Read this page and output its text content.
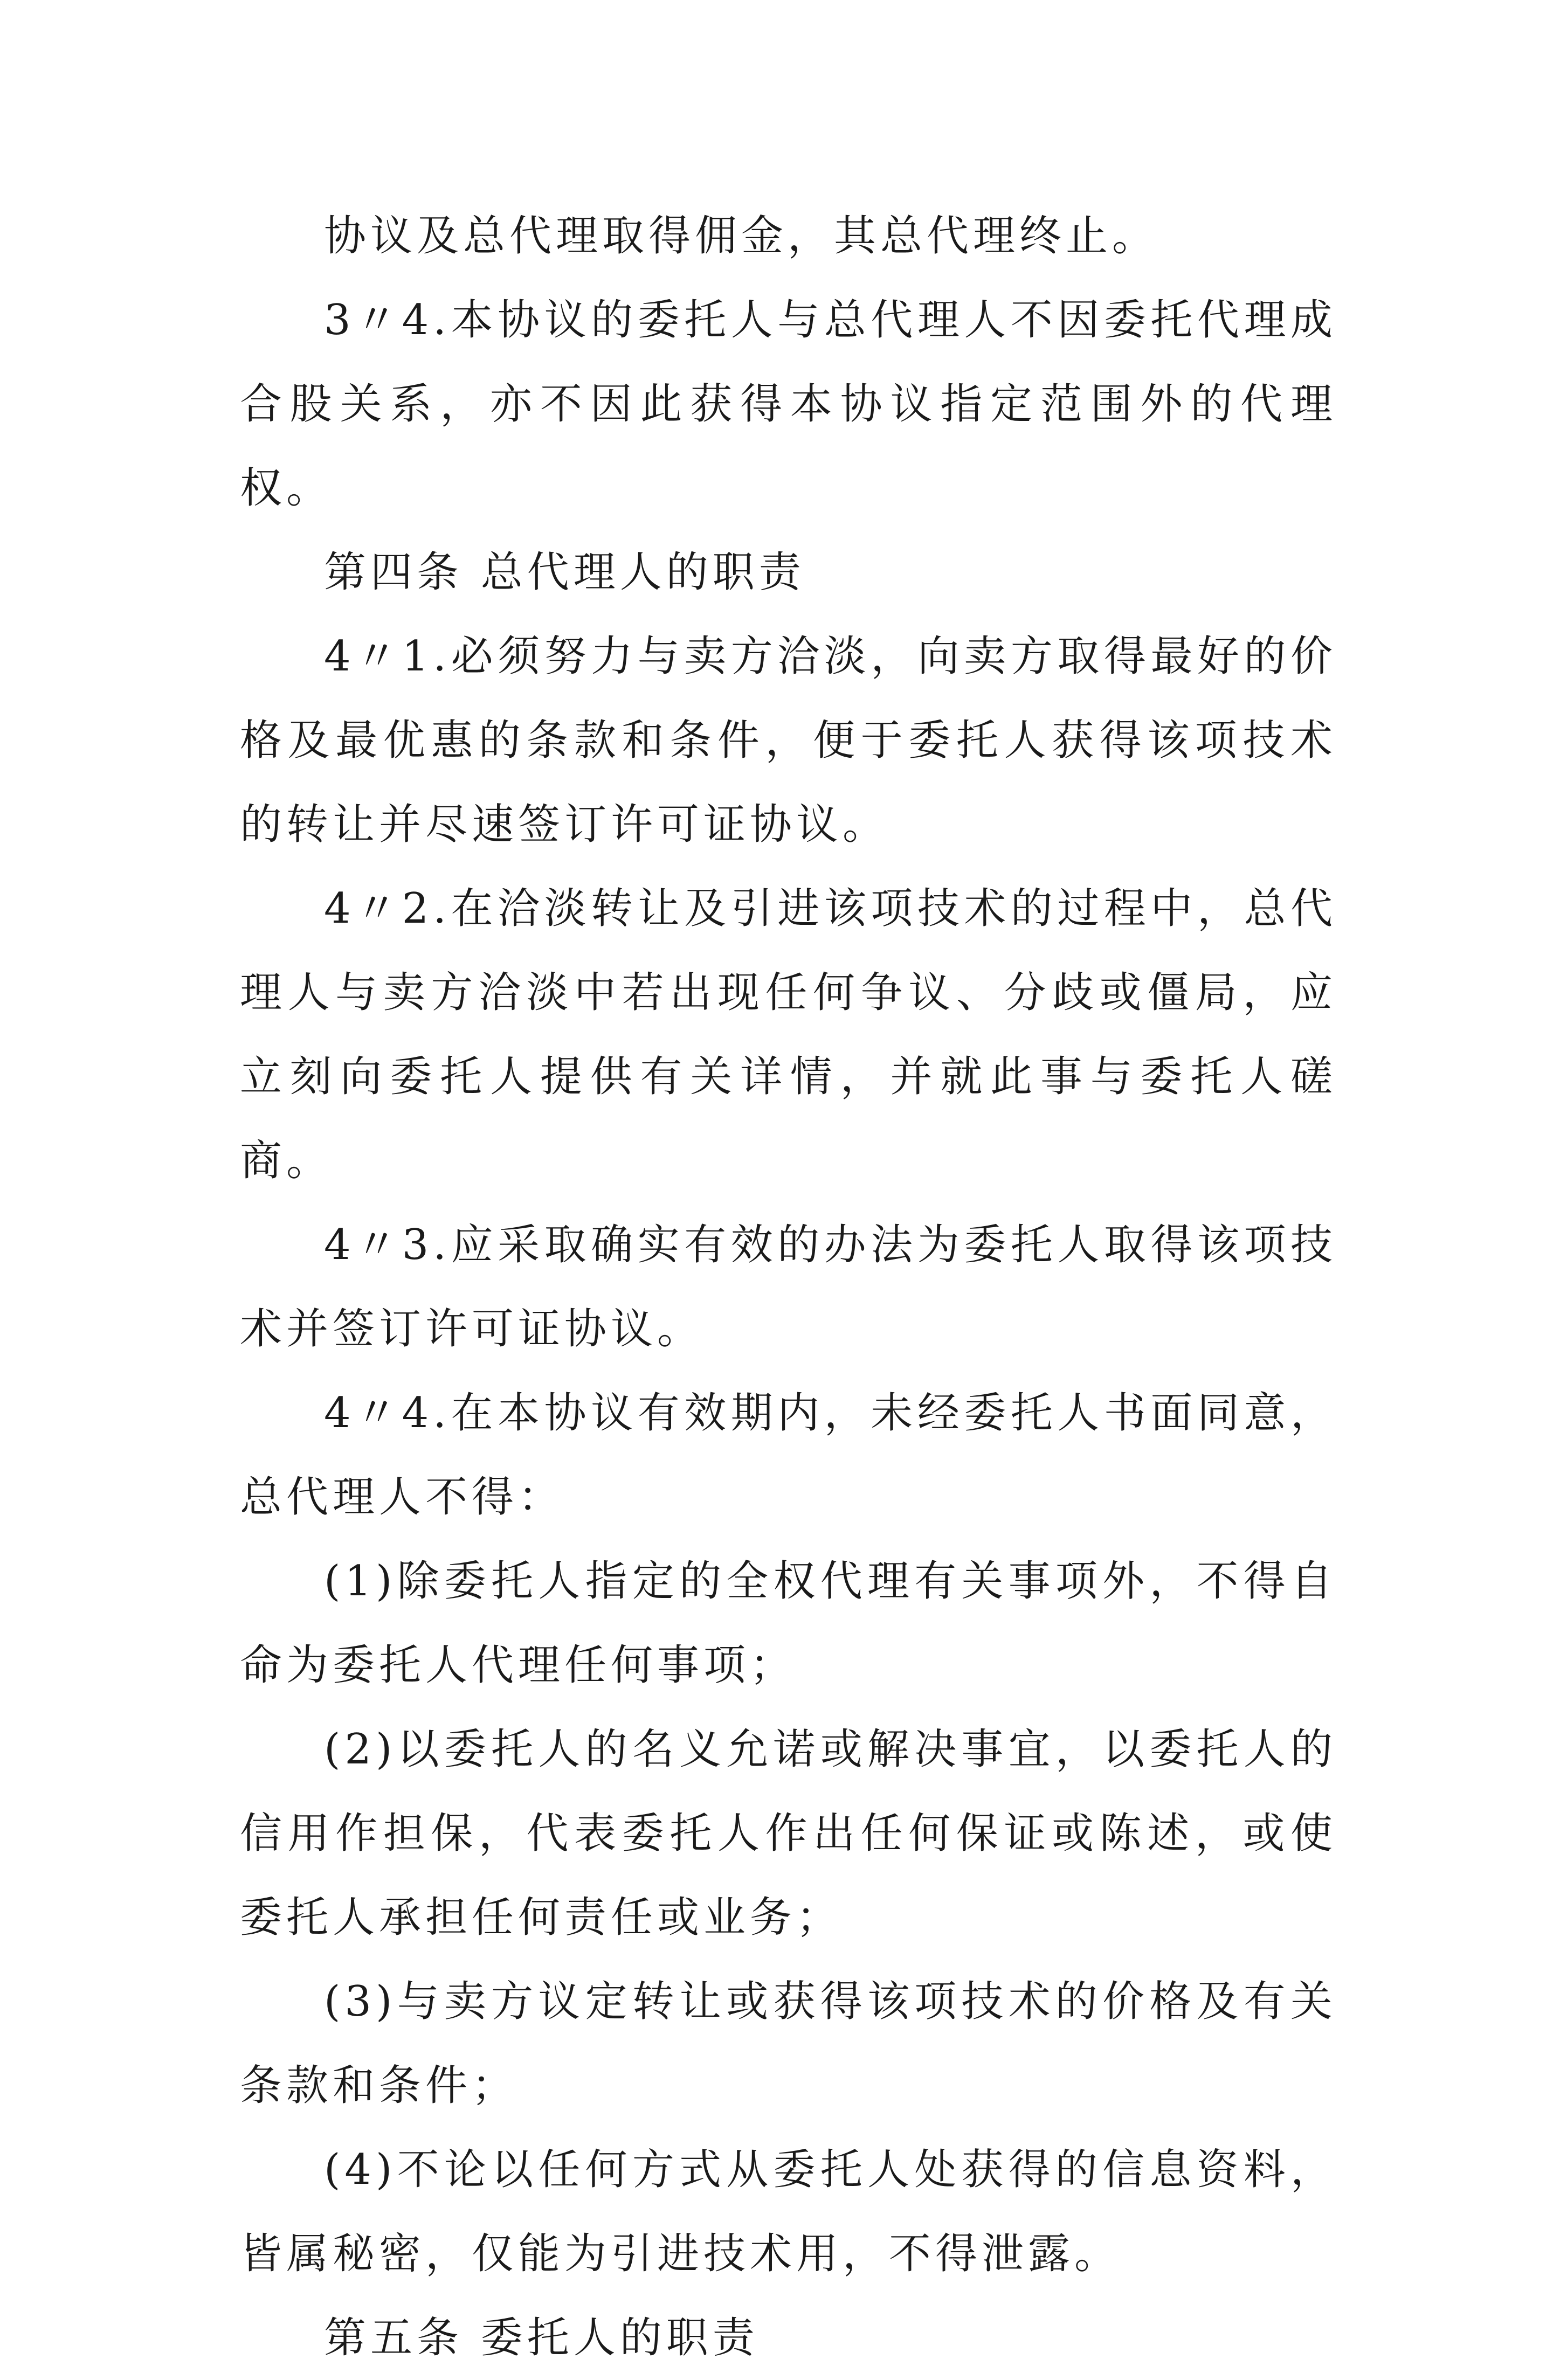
协议及总代理取得佣金，其总代理终止。

3〃4.本协议的委托人与总代理人不因委托代理成合股关系，亦不因此获得本协议指定范围外的代理权。

第四条 总代理人的职责

4〃1.必须努力与卖方洽淡，向卖方取得最好的价格及最优惠的条款和条件，便于委托人获得该项技术的转让并尽速签订许可证协议。

4〃2.在洽淡转让及引进该项技术的过程中，总代理人与卖方洽淡中若出现任何争议、分歧或僵局，应立刻向委托人提供有关详情，并就此事与委托人磋商。

4〃3.应采取确实有效的办法为委托人取得该项技术并签订许可证协议。

4〃4.在本协议有效期内，未经委托人书面同意，总代理人不得：

(1)除委托人指定的全权代理有关事项外，不得自命为委托人代理任何事项；

(2)以委托人的名义允诺或解决事宜，以委托人的信用作担保，代表委托人作出任何保证或陈述，或使委托人承担任何责任或业务；

(3)与卖方议定转让或获得该项技术的价格及有关条款和条件；

(4)不论以任何方式从委托人处获得的信息资料，皆属秘密，仅能为引进技术用，不得泄露。

第五条 委托人的职责
